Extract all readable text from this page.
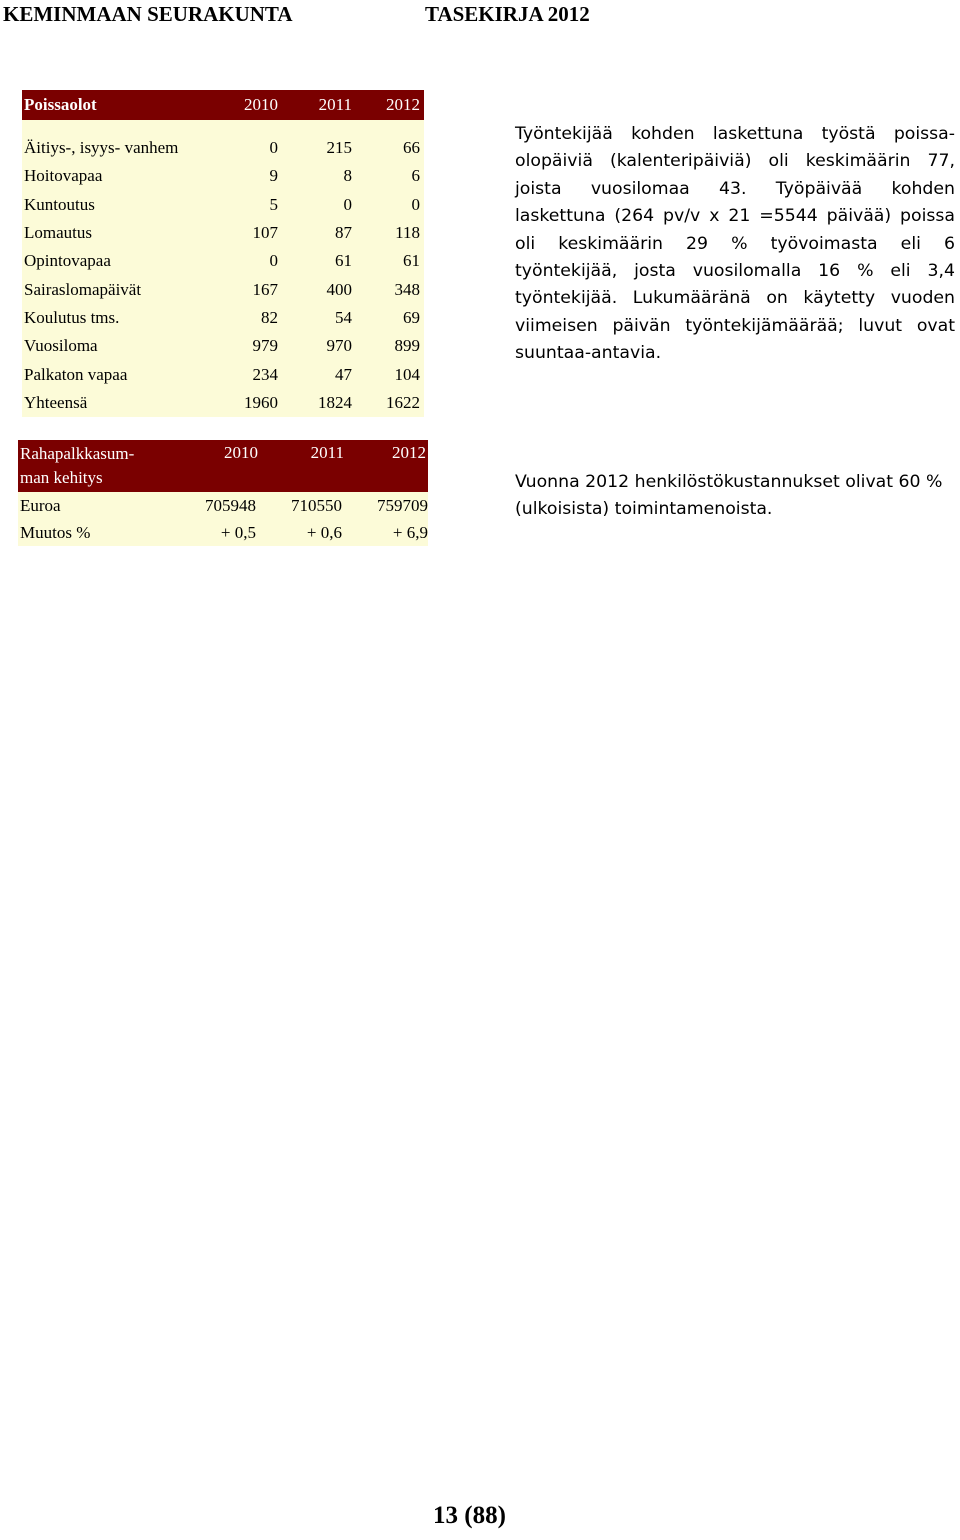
KEMINMAAN SEURAKUNTA	TASEKIRJA 2012
Poissaolot	2010	2011	2012
Äitiys-, isyys- vanhem	0	215	66
Hoitovapaa	9	8	6
Kuntoutus	5	0	0
Lomautus	107	87	118
Opintovapaa	0	61	61
Sairaslomapäivät	167	400	348
Koulutus tms.	82	54	69
Vuosiloma	979	970	899
Palkaton vapaa	234	47	104
Yhteensä	1960	1824	1622
Rahapalkkasum-
man kehitys
2010	2011	2012
Euroa	705948	710550	759709
Muutos %	+ 0,5	+ 0,6	+ 6,9
Työntekijää kohden laskettuna työstä poissa-olopäiviä (kalenteripäiviä) oli keskimäärin 77, joista vuosilomaa 43. Työpäivää kohden laskettuna (264 pv/v x 21 =5544 päivää) poissa oli keskimäärin 29 % työvoimasta eli 6 työntekijää, josta vuosilomalla 16 % eli 3,4 työntekijää. Lukumääränä on käytetty vuoden viimeisen päivän työntekijämäärää; luvut ovat suuntaa-antavia.
Vuonna 2012 henkilöstökustannukset olivat 60 % (ulkoisista) toimintamenoista.
13 (88)
